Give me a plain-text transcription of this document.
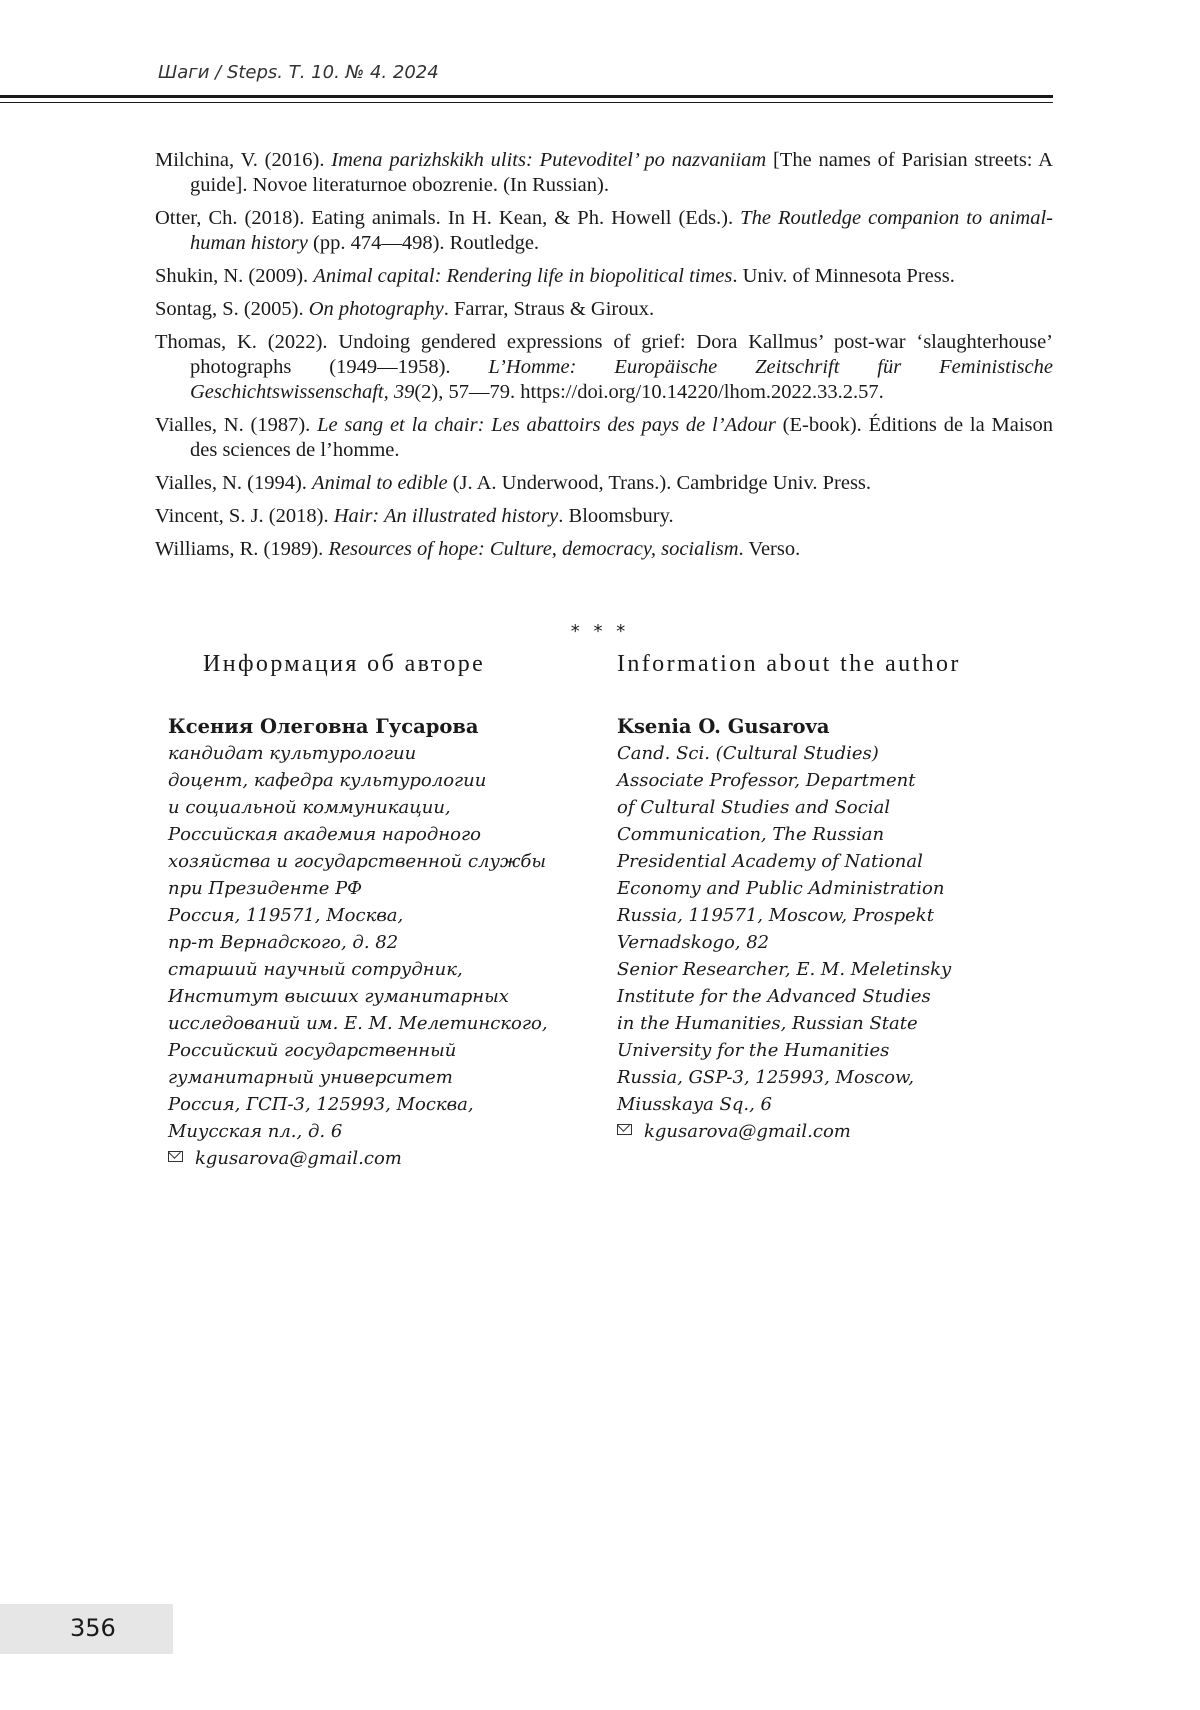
Шаги / Steps. Т. 10. № 4. 2024
Milchina, V. (2016). Imena parizhskikh ulits: Putevoditel’ po nazvaniiam [The names of Parisian streets: A guide]. Novoe literaturnoe obozrenie. (In Russian).
Otter, Ch. (2018). Eating animals. In H. Kean, & Ph. Howell (Eds.). The Routledge companion to animal-human history (pp. 474—498). Routledge.
Shukin, N. (2009). Animal capital: Rendering life in biopolitical times. Univ. of Minnesota Press.
Sontag, S. (2005). On photography. Farrar, Straus & Giroux.
Thomas, K. (2022). Undoing gendered expressions of grief: Dora Kallmus’ post-war ‘slaughterhouse’ photographs (1949—1958). L’Homme: Europäische Zeitschrift für Feministische Geschichtswissenschaft, 39(2), 57—79. https://doi.org/10.14220/lhom.2022.33.2.57.
Vialles, N. (1987). Le sang et la chair: Les abattoirs des pays de l’Adour (E-book). Éditions de la Maison des sciences de l’homme.
Vialles, N. (1994). Animal to edible (J. A. Underwood, Trans.). Cambridge Univ. Press.
Vincent, S. J. (2018). Hair: An illustrated history. Bloomsbury.
Williams, R. (1989). Resources of hope: Culture, democracy, socialism. Verso.
* * *
Информация об авторе	Information about the author
Ксения Олеговна Гусарова
кандидат культурологии
доцент, кафедра культурологии
и социальной коммуникации,
Российская академия народного
хозяйства и государственной службы
при Президенте РФ
Россия, 119571, Москва,
пр-т Вернадского, д. 82
старший научный сотрудник,
Институт высших гуманитарных
исследований им. Е. М. Мелетинского,
Российский государственный
гуманитарный университет
Россия, ГСП-3, 125993, Москва,
Миусская пл., д. 6
kgusarova@gmail.com
Ksenia O. Gusarova
Cand. Sci. (Cultural Studies)
Associate Professor, Department
of Cultural Studies and Social
Communication, The Russian
Presidential Academy of National
Economy and Public Administration
Russia, 119571, Moscow, Prospekt
Vernadskogo, 82
Senior Researcher, E. M. Meletinsky
Institute for the Advanced Studies
in the Humanities, Russian State
University for the Humanities
Russia, GSP-3, 125993, Moscow,
Miusskaya Sq., 6
kgusarova@gmail.com
356
